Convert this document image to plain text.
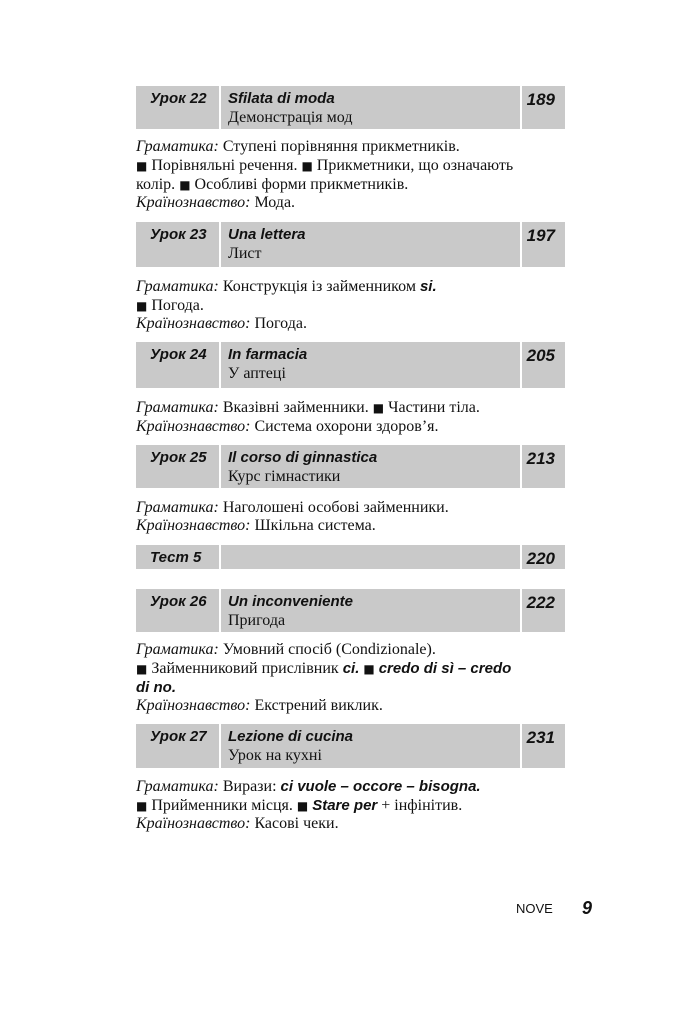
Урок 22 Sfilata di moda
Демонстрація мод
189
Граматика: Ступені порівняння прикметників.
■ Порівняльні речення. ■ Прикметники, що означають
колір. ■ Особливі форми прикметників.
Країнознавство: Мода.
Урок 23 Una lettera
Лист
197
Граматика: Конструкція із займенником si.
■ Погода.
Країнознавство: Погода.
Урок 24 In farmacia
У аптеці
205
Граматика: Вказівні займенники. ■ Частини тіла.
Країнознавство: Система охорони здоров’я.
Урок 25 Il corso di ginnastica
Курс гімнастики
213
Граматика: Наголошені особові займенники.
Країнознавство: Шкільна система.
Тест 5	220
Урок 26 Un inconveniente
Пригода
222
Граматика: Умовний спосіб (Condizionale).
■ Займенниковий прислівник ci. ■ credo di sì – credo
di no.
Країнознавство: Екстрений виклик.
Урок 27 Lezione di cucina
Урок на кухні
231
Граматика: Вирази: ci vuole – occore – bisogna.
■ Прийменники місця. ■ Stare per + інфінітив.
Країнознавство: Касові чеки.
NOVE 9
